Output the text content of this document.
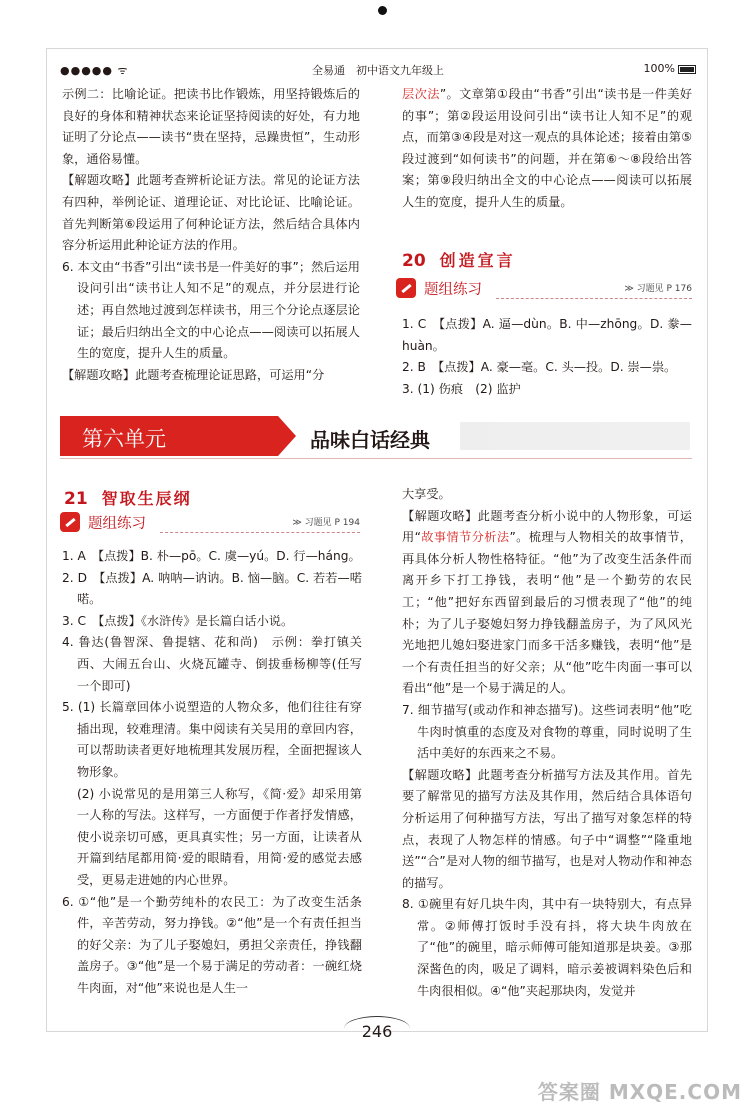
●●●●● ᯤ	全易通　初中语文九年级上	100%

示例二：比喻论证。把读书比作锻炼，用坚持锻炼后的良好的身体和精神状态来论证坚持阅读的好处，有力地证明了分论点——读书“贵在坚持，忌躁贵恒”，生动形象，通俗易懂。

【解题攻略】此题考查辨析论证方法。常见的论证方法有四种，举例论证、道理论证、对比论证、比喻论证。首先判断第⑥段运用了何种论证方法，然后结合具体内容分析运用此种论证方法的作用。

6. 本文由“书香”引出“读书是一件美好的事”；然后运用设问引出“读书让人知不足”的观点，并分层进行论述；再自然地过渡到怎样读书，用三个分论点逐层论证；最后归纳出全文的中心论点——阅读可以拓展人生的宽度，提升人生的质量。

【解题攻略】此题考查梳理论证思路，可运用“分

层次法”。文章第①段由“书香”引出“读书是一件美好的事”；第②段运用设问引出“读书让人知不足”的观点，而第③④段是对这一观点的具体论述；接着由第⑤段过渡到“如何读书”的问题，并在第⑥～⑧段给出答案；第⑨段归纳出全文的中心论点——阅读可以拓展人生的宽度，提升人生的质量。

20 创造宣言
题组练习	≫ 习题见 P 176

1. C　【点拨】A. 逼—dùn。B. 中—zhōng。D. 豢—huàn。

2. B　【点拨】A. 豪—毫。C. 头—投。D. 崇—祟。

3. (1) 伤痕　(2) 监护

第六单元	品味白话经典
21 智取生辰纲
题组练习	≫ 习题见 P 194

1. A　【点拨】B. 朴—pō。C. 虞—yú。D. 行—háng。

2. D　【点拨】A. 呐呐—讷讷。B. 恼—脑。C. 若若—喏喏。

3. C　【点拨】《水浒传》是长篇白话小说。

4. 鲁达(鲁智深、鲁提辖、花和尚)　示例：拳打镇关西、大闹五台山、火烧瓦罐寺、倒拔垂杨柳等(任写一个即可)

5. (1) 长篇章回体小说塑造的人物众多，他们往往有穿插出现，较难理清。集中阅读有关吴用的章回内容，可以帮助读者更好地梳理其发展历程，全面把握该人物形象。

(2) 小说常见的是用第三人称写，《简·爱》却采用第一人称的写法。这样写，一方面便于作者抒发情感，使小说亲切可感，更具真实性；另一方面，让读者从开篇到结尾都用简·爱的眼睛看，用简·爱的感觉去感受，更易走进她的内心世界。

6. ①“他”是一个勤劳纯朴的农民工：为了改变生活条件，辛苦劳动，努力挣钱。②“他”是一个有责任担当的好父亲：为了儿子娶媳妇，勇担父亲责任，挣钱翻盖房子。③“他”是一个易于满足的劳动者：一碗红烧牛肉面，对“他”来说也是人生一

大享受。

【解题攻略】此题考查分析小说中的人物形象，可运用“故事情节分析法”。梳理与人物相关的故事情节，再具体分析人物性格特征。“他”为了改变生活条件而离开乡下打工挣钱，表明“他”是一个勤劳的农民工；“他”把好东西留到最后的习惯表现了“他”的纯朴；为了儿子娶媳妇努力挣钱翻盖房子，为了风风光光地把儿媳妇娶进家门而多干活多赚钱，表明“他”是一个有责任担当的好父亲；从“他”吃牛肉面一事可以看出“他”是一个易于满足的人。

7. 细节描写(或动作和神态描写)。这些词表明“他”吃牛肉时慎重的态度及对食物的尊重，同时说明了生活中美好的东西来之不易。

【解题攻略】此题考查分析描写方法及其作用。首先要了解常见的描写方法及其作用，然后结合具体语句分析运用了何种描写方法，写出了描写对象怎样的特点，表现了人物怎样的情感。句子中“调整”“隆重地送”“合”是对人物的细节描写，也是对人物动作和神态的描写。

8. ①碗里有好几块牛肉，其中有一块特别大，有点异常。②师傅打饭时手没有抖，将大块牛肉放在了“他”的碗里，暗示师傅可能知道那是块姜。③那深酱色的肉，吸足了调料，暗示姜被调料染色后和牛肉很相似。④“他”夹起那块肉，发觉并

246
答案圈 MXQE.COM
